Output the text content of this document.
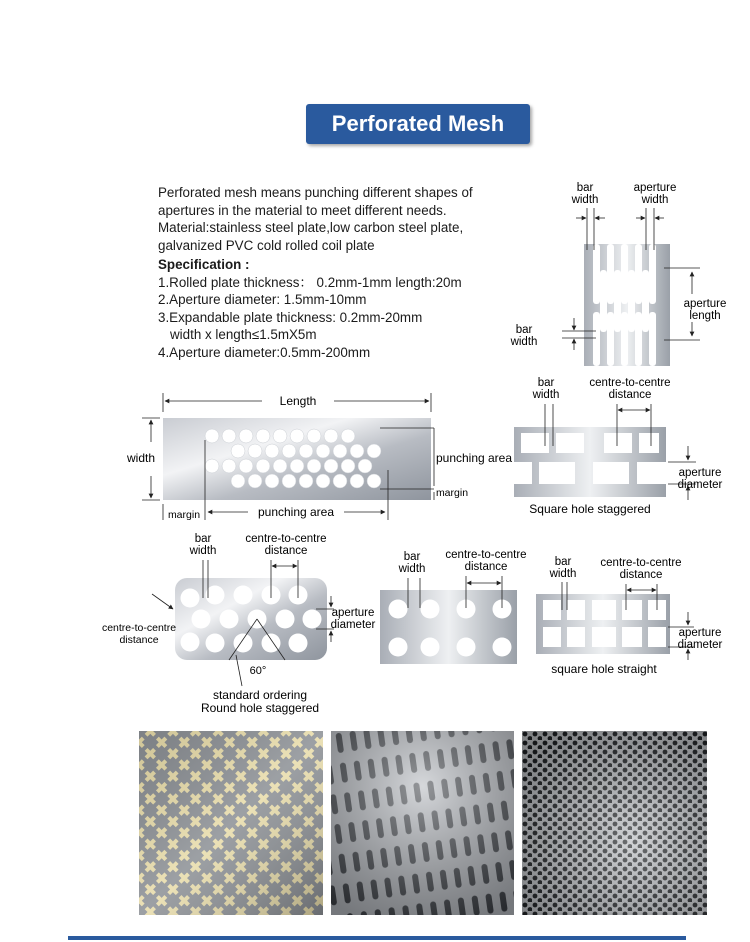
Perforated Mesh

Perforated mesh means punching different shapes of

apertures in the material to meet different needs.

Material:stainless steel plate,low carbon steel plate,

galvanized PVC cold rolled coil plate

Specification :

1.Rolled plate thickness： 0.2mm-1mm length:20m

2.Aperture diameter: 1.5mm-10mm

3.Expandable plate thickness: 0.2mm-20mm

width x length≤1.5mX5m

4.Aperture diameter:0.5mm-200mm

bar
width
aperture
width
aperture
length
bar
width
Length
width	punching area
margin
margin	punching area
bar
width
centre-to-centre
distance
aperture
diameter
Square hole staggered
bar
width
centre-to-centre
distance
centre-to-centre
distance
aperture
diameter
60°
standard ordering
Round hole staggered
bar
width
centre-to-centre
distance	bar
width
centre-to-centre
distance
aperture
diameter
square hole straight
